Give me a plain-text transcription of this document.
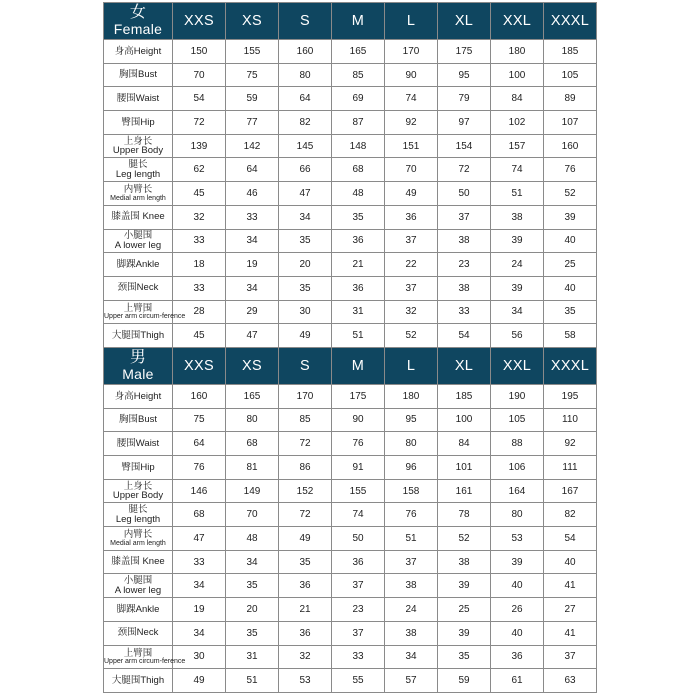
女
Female	XXS	XS	S	M	L	XL	XXL	XXXL
身高Height	150	155	160	165	170	175	180	185
胸围Bust	70	75	80	85	90	95	100	105
腰围Waist	54	59	64	69	74	79	84	89
臀围Hip	72	77	82	87	92	97	102	107

上身长
Upper Body	139	142	145	148	151	154	157	160

腿长
Leg length	62	64	66	68	70	72	74	76

内臂长
Medial arm length	45	46	47	48	49	50	51	52
膝盖围 Knee	32	33	34	35	36	37	38	39

小腿围
A lower leg	33	34	35	36	37	38	39	40
脚踝Ankle	18	19	20	21	22	23	24	25
颈围Neck	33	34	35	36	37	38	39	40

上臂围
Upper arm circum-ference	28	29	30	31	32	33	34	35
大腿围Thigh	45	47	49	51	52	54	56	58

男
Male	XXS	XS	S	M	L	XL	XXL	XXXL
身高Height	160	165	170	175	180	185	190	195
胸围Bust	75	80	85	90	95	100	105	110
腰围Waist	64	68	72	76	80	84	88	92
臀围Hip	76	81	86	91	96	101	106	111

上身长
Upper Body	146	149	152	155	158	161	164	167

腿长
Leg length	68	70	72	74	76	78	80	82

内臂长
Medial arm length	47	48	49	50	51	52	53	54
膝盖围 Knee	33	34	35	36	37	38	39	40

小腿围
A lower leg	34	35	36	37	38	39	40	41
脚踝Ankle	19	20	21	23	24	25	26	27
颈围Neck	34	35	36	37	38	39	40	41

上臂围
Upper arm circum-ference	30	31	32	33	34	35	36	37
大腿围Thigh	49	51	53	55	57	59	61	63
